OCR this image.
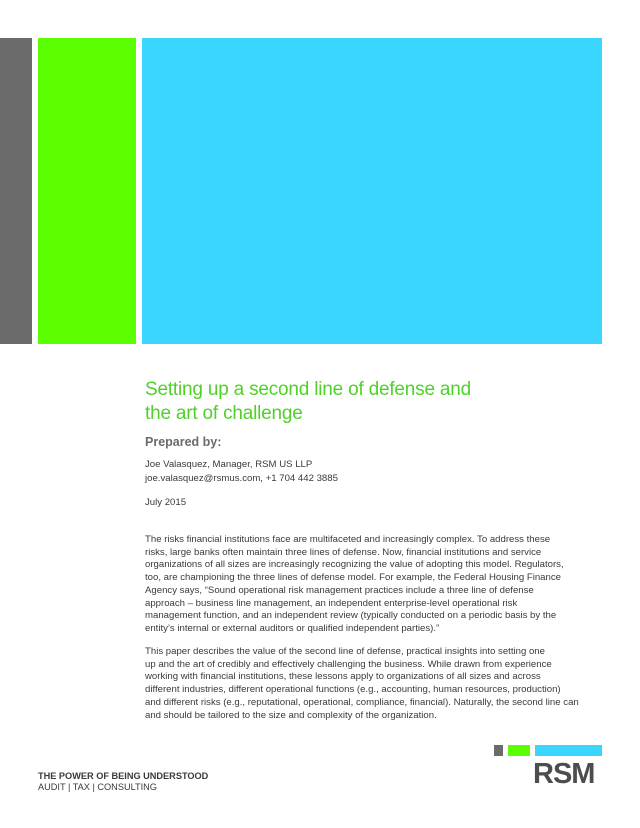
Setting up a second line of defense and
the art of challenge
Prepared by:
Joe Valasquez, Manager, RSM US LLP
joe.valasquez@rsmus.com, +1 704 442 3885
July 2015

The risks financial institutions face are multifaceted and increasingly complex. To address these
risks, large banks often maintain three lines of defense. Now, financial institutions and service
organizations of all sizes are increasingly recognizing the value of adopting this model. Regulators,
too, are championing the three lines of defense model. For example, the Federal Housing Finance
Agency says, “Sound operational risk management practices include a three line of defense
approach – business line management, an independent enterprise-level operational risk
management function, and an independent review (typically conducted on a periodic basis by the
entity’s internal or external auditors or qualified independent parties).”

This paper describes the value of the second line of defense, practical insights into setting one
up and the art of credibly and effectively challenging the business. While drawn from experience
working with financial institutions, these lessons apply to organizations of all sizes and across
different industries, different operational functions (e.g., accounting, human resources, production)
and different risks (e.g., reputational, operational, compliance, financial). Naturally, the second line can
and should be tailored to the size and complexity of the organization.

RSM
THE POWER OF BEING UNDERSTOOD
AUDIT | TAX | CONSULTING
